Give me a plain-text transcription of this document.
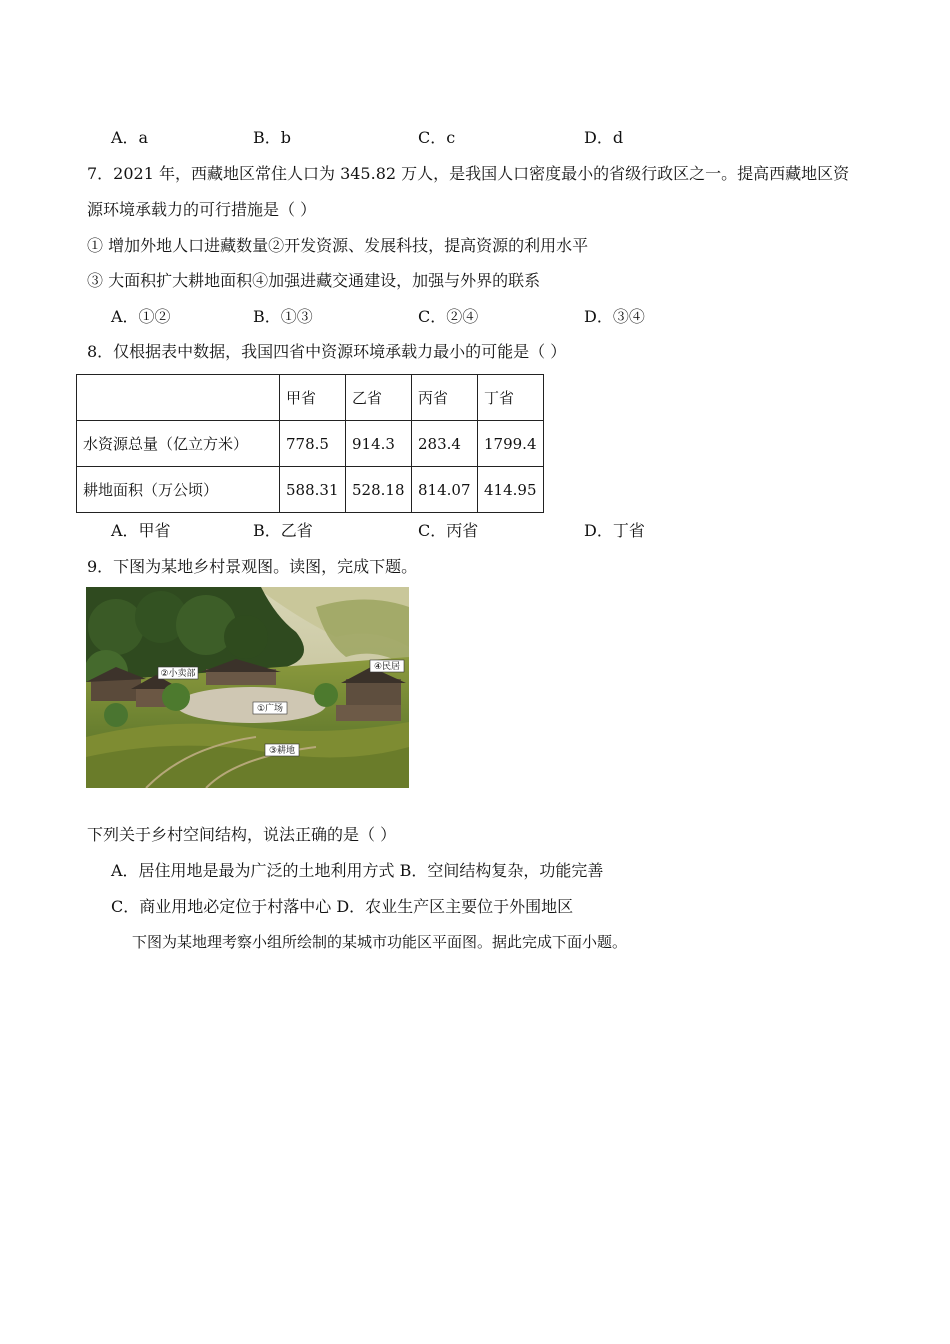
A．a	B．b	C．c	D．d
7．2021 年，西藏地区常住人口为 345.82 万人，是我国人口密度最小的省级行政区之一。提高西藏地区资
源环境承载力的可行措施是（ ）
① 增加外地人口进藏数量②开发资源、发展科技，提高资源的利用水平
③ 大面积扩大耕地面积④加强进藏交通建设，加强与外界的联系
A．①②	B．①③	C．②④	D．③④
8．仅根据表中数据，我国四省中资源环境承载力最小的可能是（ ）
	甲省	乙省	丙省	丁省
水资源总量（亿立方米）	778.5	914.3	283.4	1799.4
耕地面积（万公顷）	588.31	528.18	814.07	414.95
A．甲省	B．乙省	C．丙省	D．丁省
9．下图为某地乡村景观图。读图，完成下题。
②小卖部
④民居
①广场
③耕地
下列关于乡村空间结构，说法正确的是（ ）
A．居住用地是最为广泛的土地利用方式 B．空间结构复杂，功能完善
C．商业用地必定位于村落中心 D．农业生产区主要位于外围地区
下图为某地理考察小组所绘制的某城市功能区平面图。据此完成下面小题。
